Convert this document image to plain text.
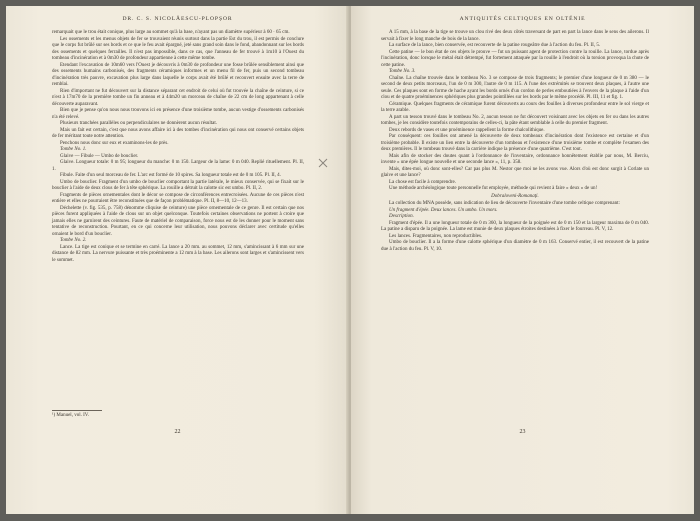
DR. C. S. NICOLĂESCU-PLOPȘOR

remarquait que le trou était conique, plus large au sommet qu'à la base, n'ayant pas un diamètre supérieur à 60 · 65 cm.

Les ossements et les menus objets de fer se trouvaient réunis surtout dans la partie Est du trou, il est permis de conclure que le corps fut brûlé sur ses bords et ce que le feu avait épargné, jeté sans grand soin dans le fond, abandonnant sur les bords des ossements et quelques ferrailles. Il n'est pas impossible, dans ce cas, que l'anneau de fer trouvé à 1m10 à l'Ouest du tombeau d'incinération et à 0m30 de profondeur appartienne à cette même tombe.

Etendant l'excavation de 10m60 vers l'Ouest je découvris à 0m30 de profondeur une fosse brûlée sensiblement ainsi que des ossements humains carbonisés, des fragments céramiques informes et un menu fil de fer, puis un second tombeau d'incinération très pauvre, excavation plus large dans laquelle le corps avait été brûlé et recouvert ensuite avec la terre de remblai.

Rien d'important ne fut découvert sur la distance séparant cet endroit de celui où fut trouvée la chaîne de ceinture, si ce n'est à 17m70 de la première tombe un fin anneau et à 44m20 un morceau de chaîne de 22 cm de long appartenant à celle découverte auparavant.

Bien que je pense qu'on nous nous trouvons ici en présence d'une troisième tombe, aucun vestige d'ossements carbonisés n'a été relevé.

Plusieurs tranchées parallèles ou perpendiculaires ne donnèrent aucun résultat.

Mais un fait est certain, c'est que nous avons affaire ici à des tombes d'incinération qui nous ont conservé certains objets de fer méritant toute notre attention.

Penchons nous donc sur eux et examinons-les de près.

Tombe No. 1.

Glaive — Fibule — Umbo de bouclier.

Glaive. Longueur totale: 0 m 95; longueur du manche: 0 m 150. Largeur de la lame: 0 m 040. Replié rituellement. Pl. II, 1.

Fibule. Faite d'un seul morceau de fer. L'arc est formé de 10 spires. Sa longueur totale est de 0 m 105. Pl. II, 4.

Umbo de bouclier. Fragment d'un umbo de bouclier comportant la partie latérale, le mieux conservée, qui se fixait sur le bouclier à l'aide de deux clous de fer à tête sphérique. La rouille a détruit la calotte sic est umbo. Pl. II, 2.

Fragments de pièces ornementales dont le décor se compose de circonférences entrecroisées. Aucune de ces pièces n'est entière et elles ne pourraient être reconstituées que de façon problématique. Pl. II, 8—10, 12—13.

Déchelette (v. fig. 535, p. 758) dénomme cliquise de ceinture) une pièce ornementale de ce genre. Il est certain que nos pièces furent appliquées à l'aide de clous sur un objet quelconque. Toutefois certaines observations ne portent à croire que jamais elles ne garnirent des ceintures. Faute de matériel de comparaison, force nous est de les donner pour le moment sans tentative de reconstruction. Pourtant, en ce qui concerne leur utilisation, nous pouvons déclarer avec certitude qu'elles ornaient le bord d'un bouclier.

Tombe No. 2.

Lance. La tige est conique et se termine en carré. La lance a 20 mm. au sommet, 12 mm, s'amincissant à 6 mm sur une distance de 82 mm. La nervure puissante et très proéminente a 12 mm à la base. Les ailerons sont larges et s'amincissent vers le sommet.

¹) Manuel, vol. IV.
22
ANTIQUITÉS CELTIQUES EN OLTÉNIE

A 15 mm, à la base de la tige se trouve un clou rivé des deux côtés traversant de part en part la lance dans le sens des ailerons. Il servait à fixer le long manche de bois de la lance.

La surface de la lance, bien conservée, est recouverte de la patine rougeâtre due à l'action du feu. Pl. II, 5.

Cette patine — le bon état de ces objets le prouve — fut un puissant agent de protection contre la rouille. La lance, tordue après l'incinération, donc lorsque le métal était détrempé, fut fortement attaquée par la rouille à l'endroit où la torsion provoqua la chute de cette patine.

Tombe No. 3.

Chaîne. La chaîne trouvée dans le tombeau No. 3 se compose de trois fragments; le premier d'une longueur de 0 m 380 — le second de deux petits morceaux, l'un de 0 m 300, l'autre de 0 m 115. A l'une des extrémités se trouvent deux plaques, à l'autre une seule. Ces plaques sont en forme de hache ayant les bords ornés d'un cordon de perles emboutiées à l'envers de la plaque à l'aide d'un clou et de quatre proéminences sphériques plus grandes pointillées sur les bords par le même procédé. Pl. III, 11 et fig. 1.

Céramique. Quelques fragments de céramique furent découverts au cours des fouilles à diverses profondeur entre le sol vierge et la terre arable.

A part un tesson trouvé dans le tombeau No. 2, aucun tesson ne fut découvert voisinant avec les objets en fer ou dans les autres tombes, je les considère toutefois contemporains de celles-ci, la pâte étant semblable à celle du premier fragment.

Deux rebords de vases et une proéminence rappellent la forme chalcolithique.

Par conséquent: ces fouilles ont amené la découverte de deux tombeaux d'incinération dont l'existence est certaine et d'un troisième probable. Il existe un lien entre la découverte d'un tombeau et l'existence d'une troisième tombe et complète l'examen des deux premières. Il le tombeau trouvé dans la carrière indique la présence d'une quatrième. C'est tout.

Mais afin de stocker des doutes quant à l'ordonnance de l'inventaire, ordonnance honnêtement établie par nous, M. Berciu, invente « une épée longue nouvelle et une seconde lance », 11, p. 358.

Mais, dites-moi, où donc sont-elles? Car pas plus M. Nestor que moi ne les avons vue. Alors d'où est donc surgit à Corlate un glaive et une lance?

La chose est facile à comprendre.

Une méthode archéologique toute personnelle fut employée, méthode qui revient à faire « deux » de un!

Dobraloveni-Romanați.

La collection du MNA possède, sans indication de lieu de découverte l'inventaire d'une tombe celtique comprenant:

Un fragment d'épée. Deux lances. Un umbo. Un mors.

Description.

Fragment d'épée. Il a une longueur totale de 0 m 360, la longueur de la poignée est de 0 m 150 et la largeur maxima de 0 m 040. La patine a disparu de la poignée. La lame est munie de deux plaques étroites destinées à fixer le fourreau. Pl. V, 12.

Les lances. Fragmentaires, non reproductibles.

Umbo de bouclier. Il a la forme d'une calotte sphérique d'un diamètre de 0 m 163. Conservé entier, il est recouvert de la patine due à l'action du feu. Pl. V, 10.

23
